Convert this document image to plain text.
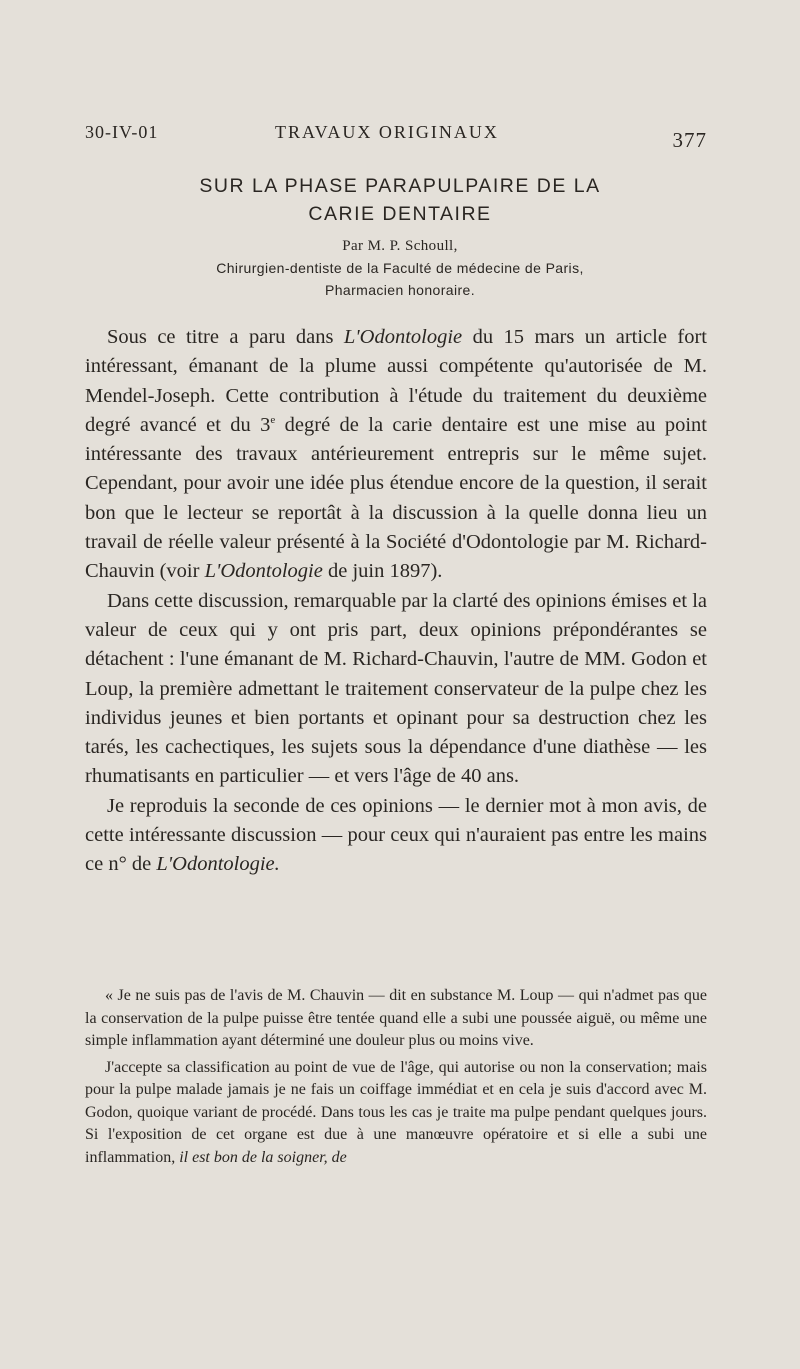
30-IV-01	TRAVAUX ORIGINAUX	377
SUR LA PHASE PARAPULPAIRE DE LA
CARIE DENTAIRE
Par M. P. Schoull,
Chirurgien-dentiste de la Faculté de médecine de Paris,
Pharmacien honoraire.

Sous ce titre a paru dans L'Odontologie du 15 mars un article fort intéressant, émanant de la plume aussi compétente qu'autorisée de M. Mendel-Joseph. Cette contribution à l'étude du traitement du deuxième degré avancé et du 3e degré de la carie dentaire est une mise au point intéressante des travaux antérieurement entrepris sur le même sujet. Cependant, pour avoir une idée plus étendue encore de la question, il serait bon que le lecteur se reportât à la discussion à la quelle donna lieu un travail de réelle valeur présenté à la Société d'Odontologie par M. Richard-Chauvin (voir L'Odontologie de juin 1897).

Dans cette discussion, remarquable par la clarté des opinions émises et la valeur de ceux qui y ont pris part, deux opinions prépondérantes se détachent : l'une émanant de M. Richard-Chauvin, l'autre de MM. Godon et Loup, la première admettant le traitement conservateur de la pulpe chez les individus jeunes et bien portants et opinant pour sa destruction chez les tarés, les cachectiques, les sujets sous la dépendance d'une diathèse — les rhumatisants en particulier — et vers l'âge de 40 ans.

Je reproduis la seconde de ces opinions — le dernier mot à mon avis, de cette intéressante discussion — pour ceux qui n'auraient pas entre les mains ce n° de L'Odontologie.

« Je ne suis pas de l'avis de M. Chauvin — dit en substance M. Loup — qui n'admet pas que la conservation de la pulpe puisse être tentée quand elle a subi une poussée aiguë, ou même une simple inflammation ayant déterminé une douleur plus ou moins vive.

J'accepte sa classification au point de vue de l'âge, qui autorise ou non la conservation; mais pour la pulpe malade jamais je ne fais un coiffage immédiat et en cela je suis d'accord avec M. Godon, quoique variant de procédé. Dans tous les cas je traite ma pulpe pendant quelques jours. Si l'exposition de cet organe est due à une manœuvre opératoire et si elle a subi une inflammation, il est bon de la soigner, de
